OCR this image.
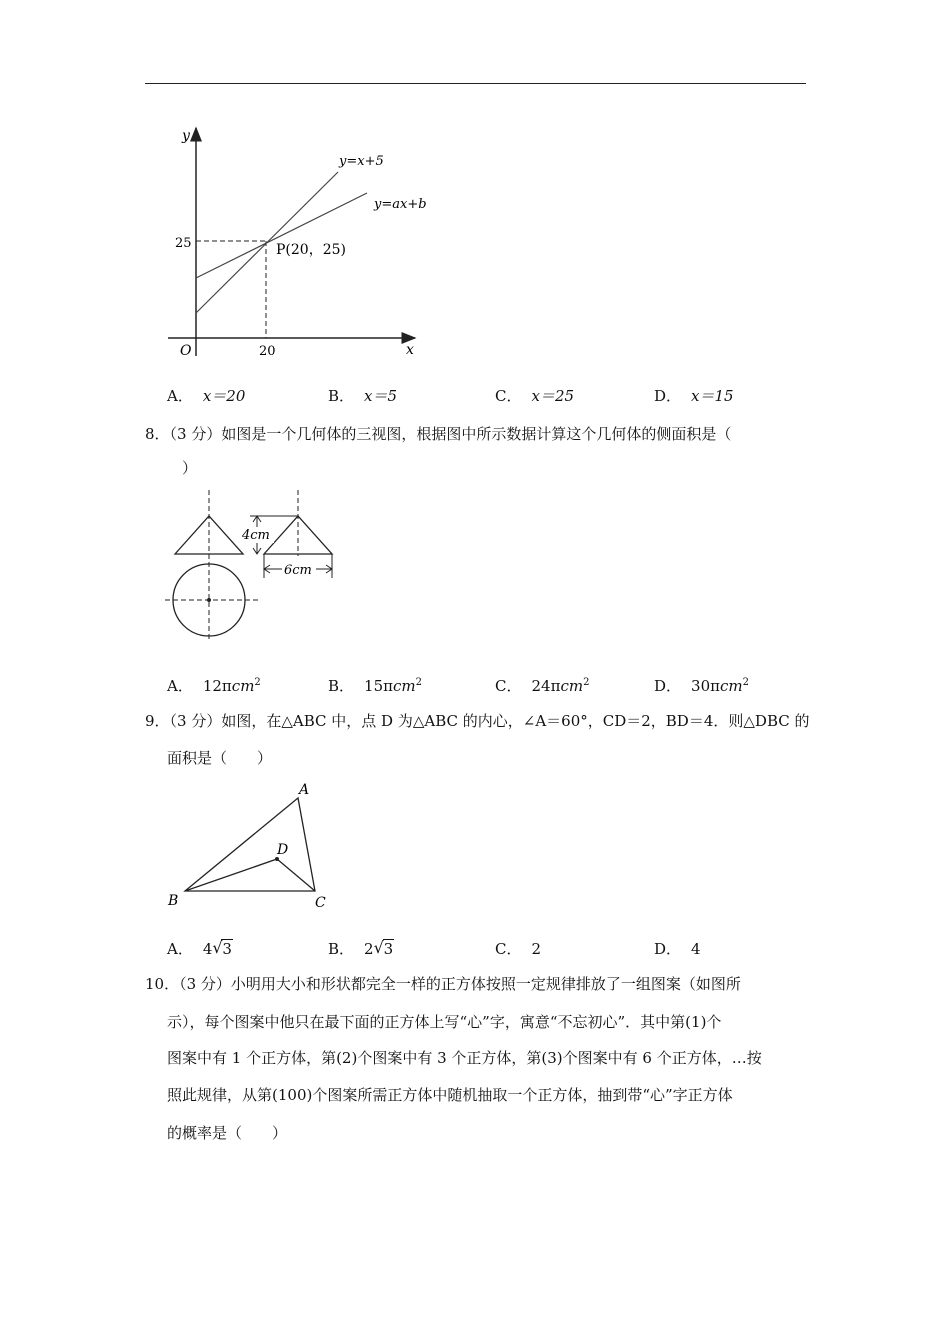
y
x
O
25
20
y=x+5
y=ax+b
P(20，25)
A． x＝20	B． x＝5	C． x＝25	D． x＝15
8．（3 分）如图是一个几何体的三视图，根据图中所示数据计算这个几何体的侧面积是（
）
4cm
6cm
A． 12πcm$^2$	B． 15πcm$^2$	C． 24πcm$^2$	D． 30πcm$^2$
9．（3 分）如图，在△ABC 中，点 D 为△ABC 的内心，∠A＝60°，CD＝2，BD＝4．则△DBC 的
面积是（　　）
A
B	C
D
A． 4 √ 3	B． 2 √ 3	C． 2	D． 4
10．（3 分）小明用大小和形状都完全一样的正方体按照一定规律排放了一组图案（如图所
示），每个图案中他只在最下面的正方体上写“心”字，寓意“不忘初心”．其中第(1)个
图案中有 1 个正方体，第(2)个图案中有 3 个正方体，第(3)个图案中有 6 个正方体，…按
照此规律，从第(100)个图案所需正方体中随机抽取一个正方体，抽到带“心”字正方体
的概率是（　　）
